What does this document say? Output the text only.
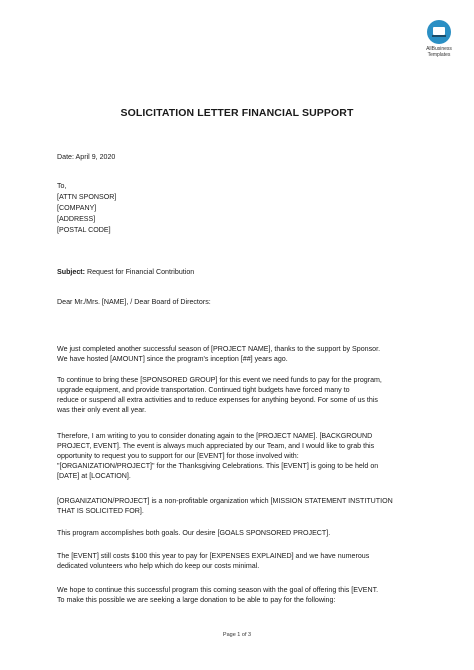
AllBusiness
Templates
SOLICITATION LETTER FINANCIAL SUPPORT
Date: April 9, 2020
To,
[ATTN SPONSOR]
[COMPANY]
[ADDRESS]
[POSTAL CODE]
Subject: Request for Financial Contribution
Dear Mr./Mrs. [NAME], / Dear Board of Directors:
We just completed another successful season of [PROJECT NAME], thanks to the support by Sponsor.
We have hosted [AMOUNT] since the program's inception [##] years ago.
To continue to bring these [SPONSORED GROUP] for this event we need funds to pay for the program,
upgrade equipment, and provide transportation. Continued tight budgets have forced many to
reduce or suspend all extra activities and to reduce expenses for anything beyond. For some of us this
was their only event all year.
Therefore, I am writing to you to consider donating again to the [PROJECT NAME]. [BACKGROUND
PROJECT, EVENT]. The event is always much appreciated by our Team, and I would like to grab this
opportunity to request you to support for our [EVENT] for those involved with:
"[ORGANIZATION/PROJECT]" for the Thanksgiving Celebrations. This [EVENT] is going to be held on
[DATE] at [LOCATION].
[ORGANIZATION/PROJECT] is a non-profitable organization which [MISSION STATEMENT INSTITUTION
THAT IS SOLICITED FOR].
This program accomplishes both goals. Our desire [GOALS SPONSORED PROJECT].
The [EVENT] still costs $100 this year to pay for [EXPENSES EXPLAINED] and we have numerous
dedicated volunteers who help which do keep our costs minimal.
We hope to continue this successful program this coming season with the goal of offering this [EVENT.
To make this possible we are seeking a large donation to be able to pay for the following:
Page 1 of 3
